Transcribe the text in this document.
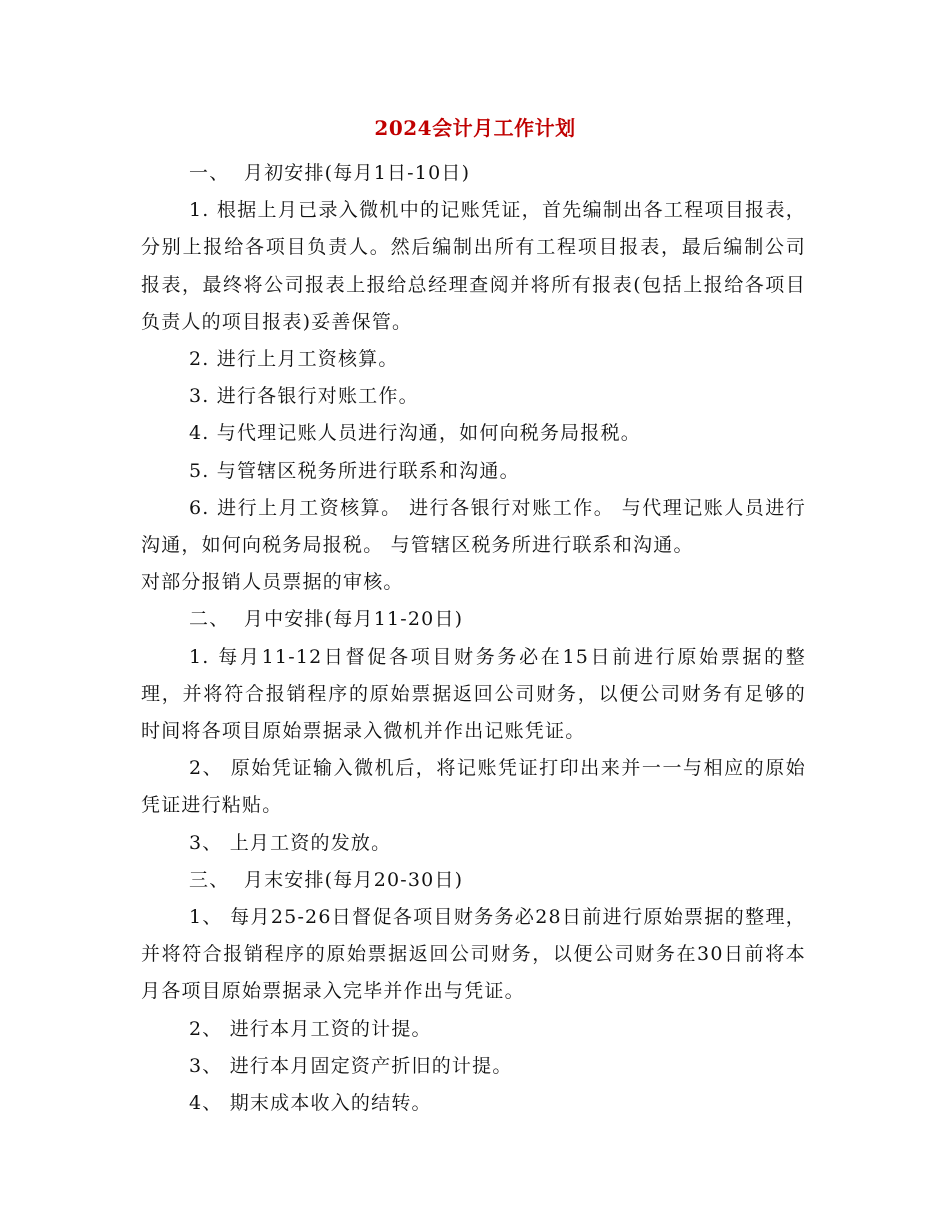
2024会计月工作计划

一、  月初安排(每月1日-10日)

1. 根据上月已录入微机中的记账凭证，首先编制出各工程项目报表，分别上报给各项目负责人。然后编制出所有工程项目报表，最后编制公司报表，最终将公司报表上报给总经理查阅并将所有报表(包括上报给各项目负责人的项目报表)妥善保管。

2. 进行上月工资核算。

3. 进行各银行对账工作。

4. 与代理记账人员进行沟通，如何向税务局报税。

5. 与管辖区税务所进行联系和沟通。

6. 进行上月工资核算。 进行各银行对账工作。 与代理记账人员进行沟通，如何向税务局报税。 与管辖区税务所进行联系和沟通。

对部分报销人员票据的审核。

二、  月中安排(每月11-20日)

1. 每月11-12日督促各项目财务务必在15日前进行原始票据的整理，并将符合报销程序的原始票据返回公司财务，以便公司财务有足够的时间将各项目原始票据录入微机并作出记账凭证。

2、 原始凭证输入微机后，将记账凭证打印出来并一一与相应的原始凭证进行粘贴。

3、 上月工资的发放。

三、  月末安排(每月20-30日)

1、 每月25-26日督促各项目财务务必28日前进行原始票据的整理，并将符合报销程序的原始票据返回公司财务，以便公司财务在30日前将本月各项目原始票据录入完毕并作出与凭证。

2、 进行本月工资的计提。

3、 进行本月固定资产折旧的计提。

4、 期末成本收入的结转。
